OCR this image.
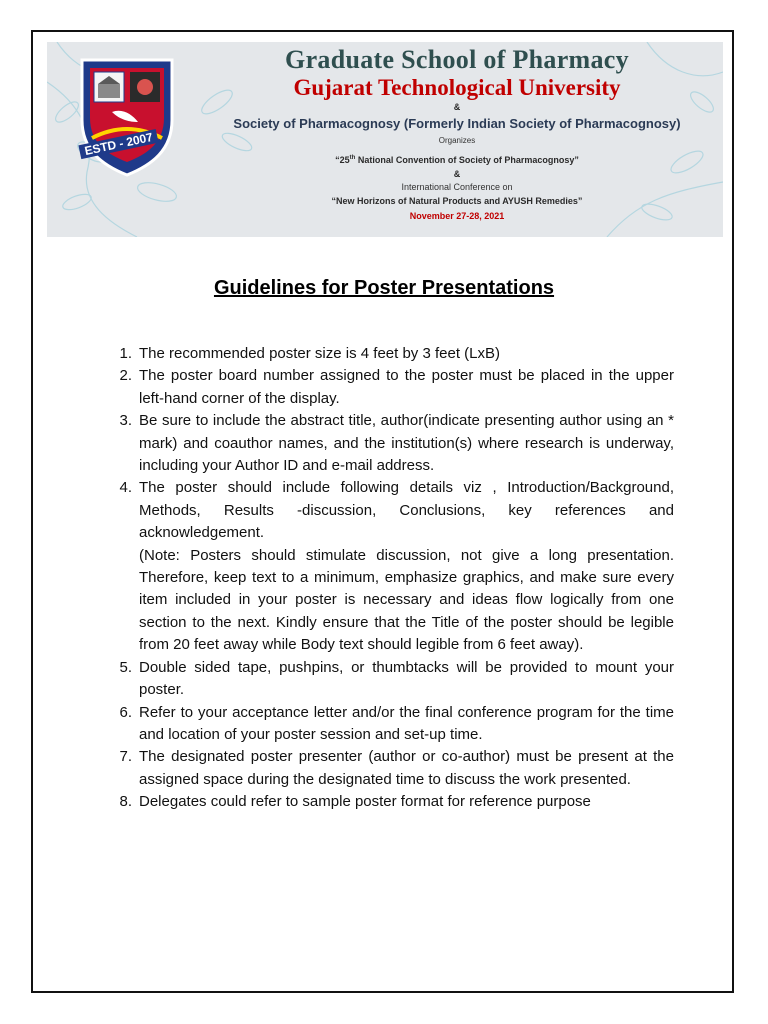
ESTD - 2007
Graduate School of Pharmacy
Gujarat Technological University
&
Society of Pharmacognosy (Formerly Indian Society of Pharmacognosy)
Organizes
“25th National Convention of Society of Pharmacognosy”
&
International Conference on
“New Horizons of Natural Products and AYUSH Remedies”
November 27-28, 2021
Guidelines for Poster Presentations
1. The recommended poster size is 4 feet by 3 feet (LxB)
2. The poster board number assigned to the poster must be placed in the upper left-hand corner of the display.
3. Be sure to include the abstract title, author(indicate presenting author using an * mark) and coauthor names, and the institution(s) where research is underway, including your Author ID and e-mail address.
4. The poster should include following details viz , Introduction/Background, Methods, Results -discussion, Conclusions, key references and acknowledgement.
(Note: Posters should stimulate discussion, not give a long presentation. Therefore, keep text to a minimum, emphasize graphics, and make sure every item included in your poster is necessary and ideas flow logically from one section to the next. Kindly ensure that the Title of the poster should be legible from 20 feet away while Body text should legible from 6 feet away).
5. Double sided tape, pushpins, or thumbtacks will be provided to mount your poster.
6. Refer to your acceptance letter and/or the final conference program for the time and location of your poster session and set-up time.
7. The designated poster presenter (author or co-author) must be present at the assigned space during the designated time to discuss the work presented.
8. Delegates could refer to sample poster format for reference purpose
